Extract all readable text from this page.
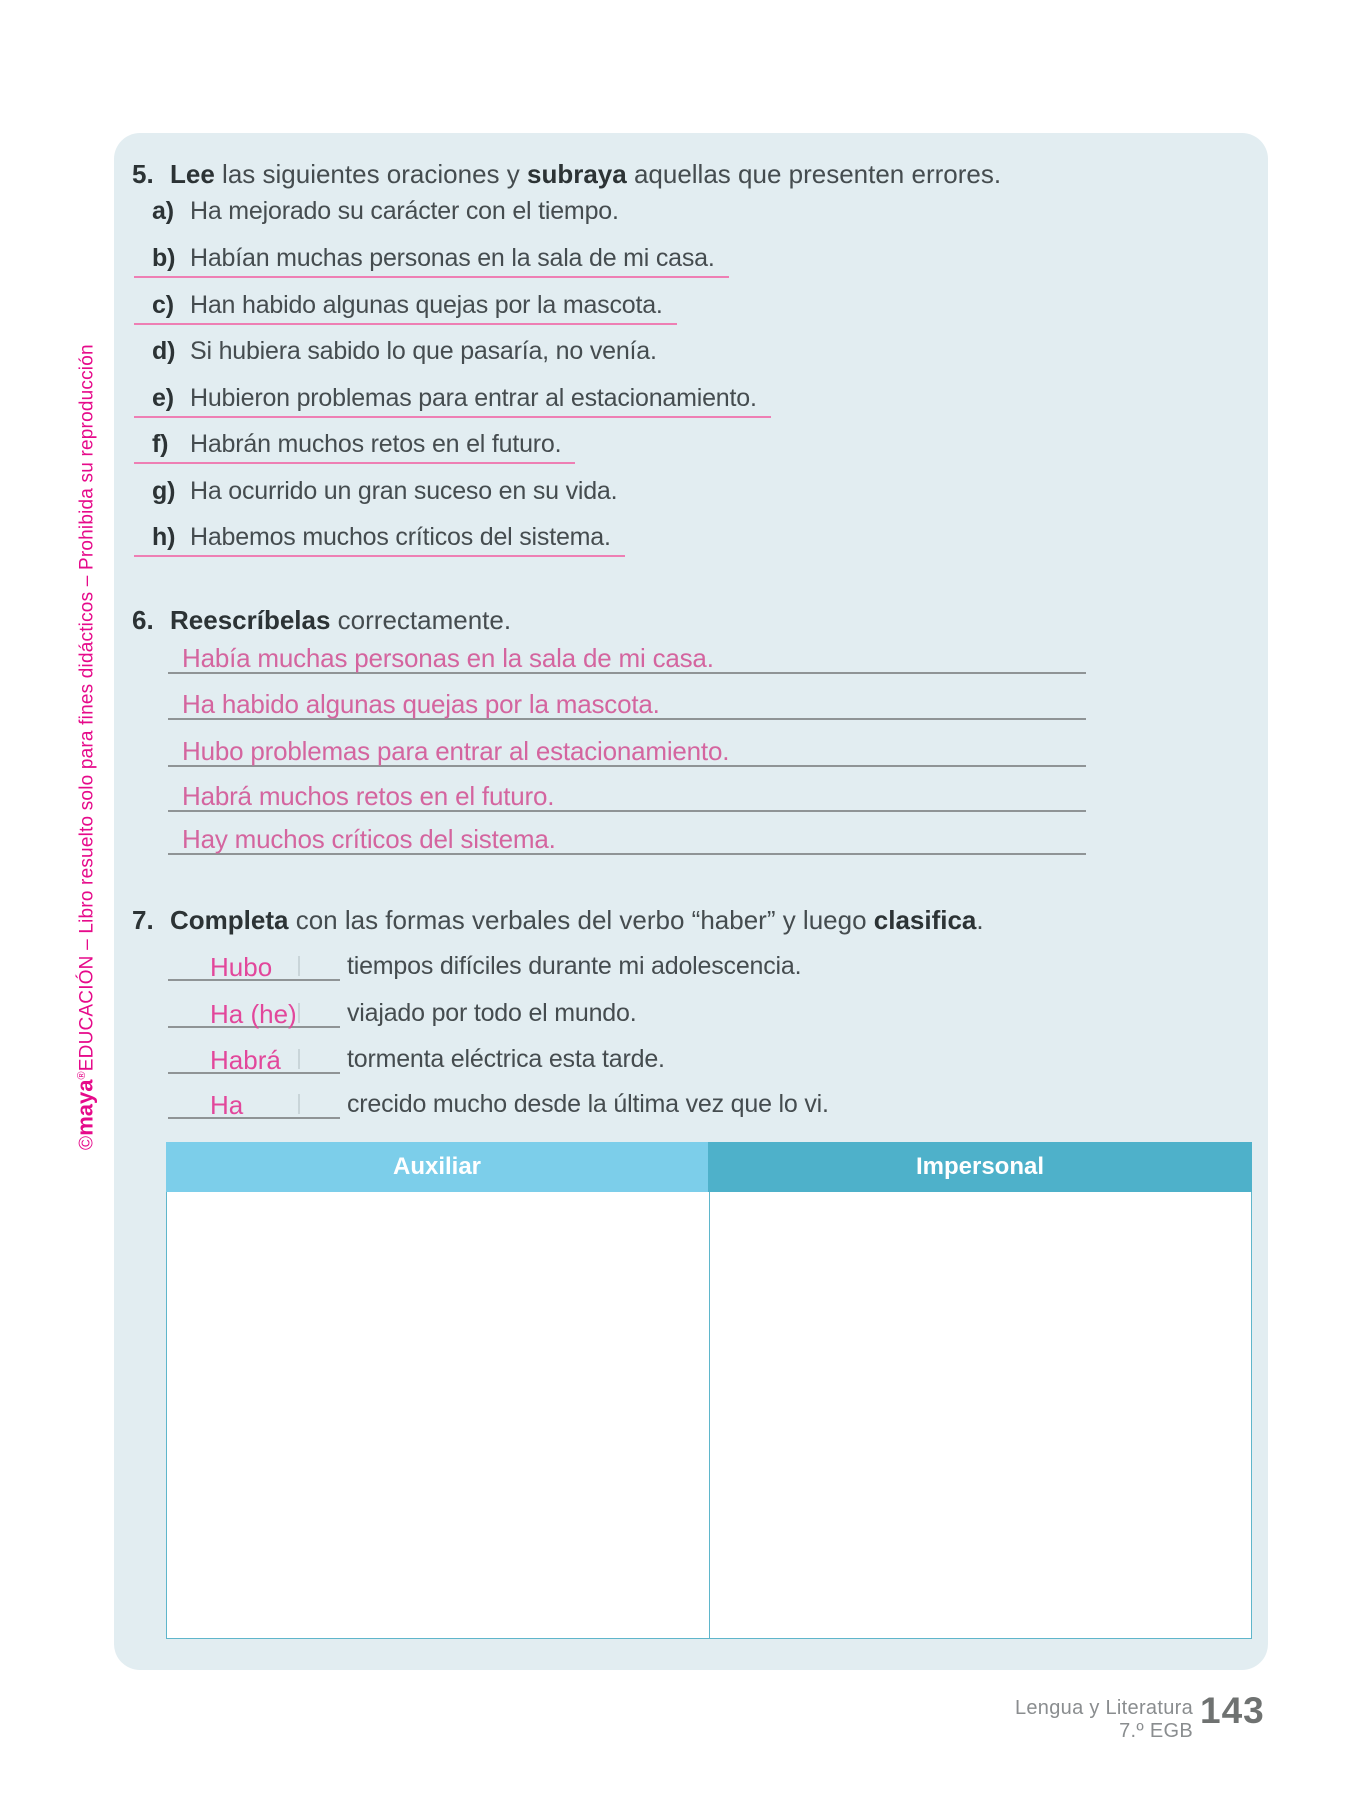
©maya®EDUCACIÓN – Libro resuelto solo para fines didácticos – Prohibida su reproducción
5. Lee las siguientes oraciones y subraya aquellas que presenten errores.
a) Ha mejorado su carácter con el tiempo.
b) Habían muchas personas en la sala de mi casa.
c) Han habido algunas quejas por la mascota.
d) Si hubiera sabido lo que pasaría, no venía.
e) Hubieron problemas para entrar al estacionamiento.
f) Habrán muchos retos en el futuro.
g) Ha ocurrido un gran suceso en su vida.
h) Habemos muchos críticos del sistema.
6. Reescríbelas correctamente.
Había muchas personas en la sala de mi casa.
Ha habido algunas quejas por la mascota.
Hubo problemas para entrar al estacionamiento.
Habrá muchos retos en el futuro.
Hay muchos críticos del sistema.
7. Completa con las formas verbales del verbo “haber” y luego clasifica.
Hubo	tiempos difíciles durante mi adolescencia.
Ha (he)	viajado por todo el mundo.
Habrá	tormenta eléctrica esta tarde.
Ha	crecido mucho desde la última vez que lo vi.
Auxiliar	Impersonal
Lengua y Literatura
7.º EGB 143
